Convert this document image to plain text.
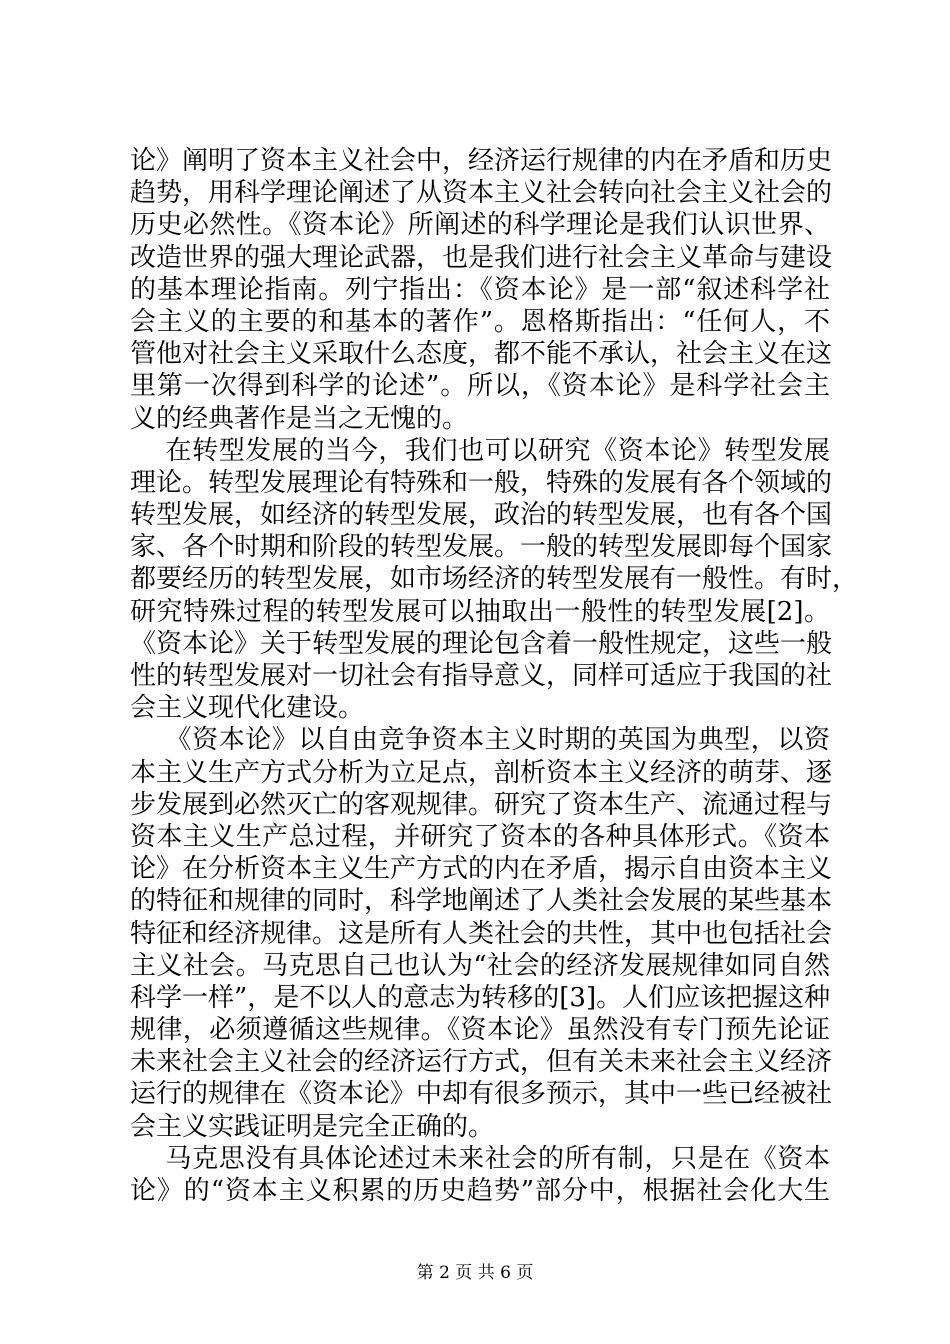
论》阐明了资本主义社会中，经济运行规律的内在矛盾和历史
趋势，用科学理论阐述了从资本主义社会转向社会主义社会的
历史必然性。《资本论》所阐述的科学理论是我们认识世界、
改造世界的强大理论武器，也是我们进行社会主义革命与建设
的基本理论指南。列宁指出：《资本论》是一部“叙述科学社
会主义的主要的和基本的著作”。恩格斯指出：“任何人，不
管他对社会主义采取什么态度，都不能不承认，社会主义在这
里第一次得到科学的论述”。所以，《资本论》是科学社会主
义的经典著作是当之无愧的。
在转型发展的当今，我们也可以研究《资本论》转型发展
理论。转型发展理论有特殊和一般，特殊的发展有各个领域的
转型发展，如经济的转型发展，政治的转型发展，也有各个国
家、各个时期和阶段的转型发展。一般的转型发展即每个国家
都要经历的转型发展，如市场经济的转型发展有一般性。有时，
研究特殊过程的转型发展可以抽取出一般性的转型发展[2]。
《资本论》关于转型发展的理论包含着一般性规定，这些一般
性的转型发展对一切社会有指导意义，同样可适应于我国的社
会主义现代化建设。
《资本论》以自由竞争资本主义时期的英国为典型，以资
本主义生产方式分析为立足点，剖析资本主义经济的萌芽、逐
步发展到必然灭亡的客观规律。研究了资本生产、流通过程与
资本主义生产总过程，并研究了资本的各种具体形式。《资本
论》在分析资本主义生产方式的内在矛盾，揭示自由资本主义
的特征和规律的同时，科学地阐述了人类社会发展的某些基本
特征和经济规律。这是所有人类社会的共性，其中也包括社会
主义社会。马克思自己也认为“社会的经济发展规律如同自然
科学一样”，是不以人的意志为转移的[3]。人们应该把握这种
规律，必须遵循这些规律。《资本论》虽然没有专门预先论证
未来社会主义社会的经济运行方式，但有关未来社会主义经济
运行的规律在《资本论》中却有很多预示，其中一些已经被社
会主义实践证明是完全正确的。
马克思没有具体论述过未来社会的所有制，只是在《资本
论》的“资本主义积累的历史趋势”部分中，根据社会化大生
第 2 页 共 6 页
